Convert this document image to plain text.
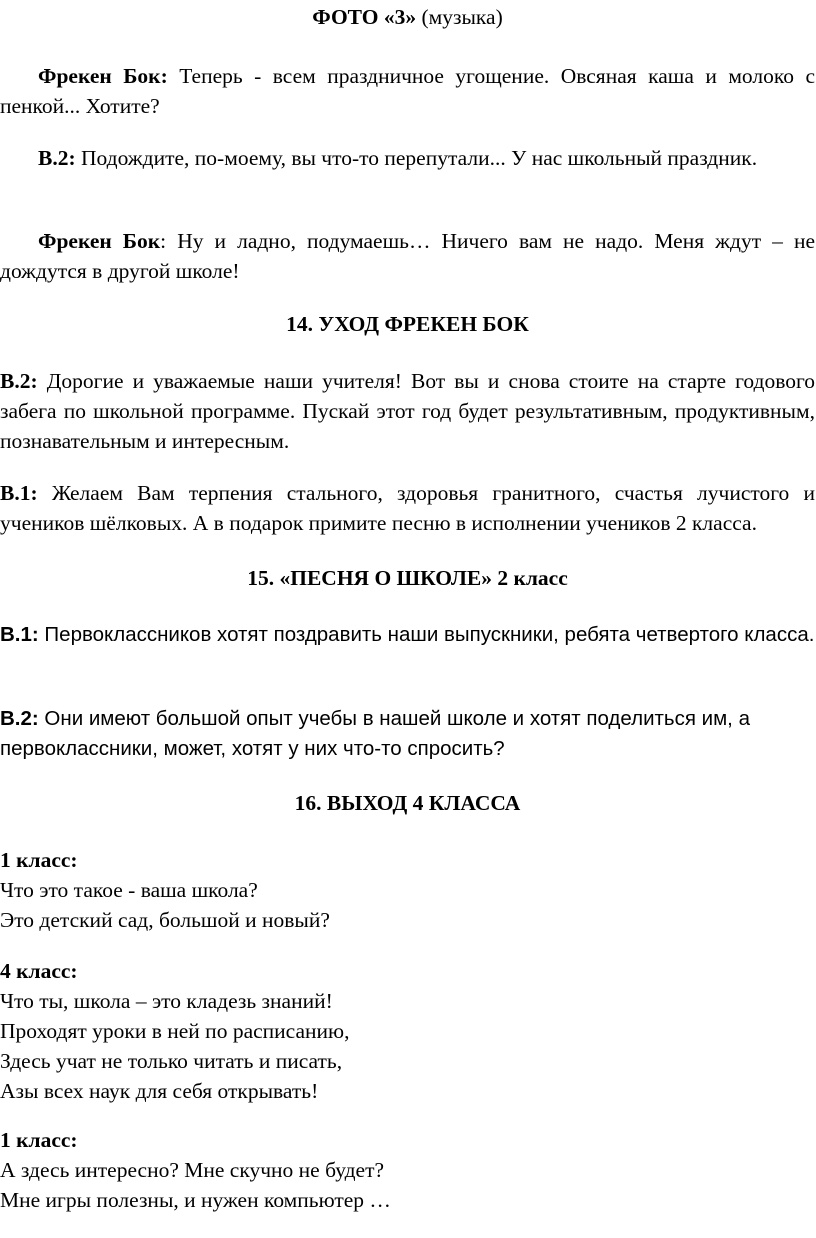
ФОТО «3» (музыка)
Фрекен Бок: Теперь - всем праздничное угощение. Овсяная каша и молоко с пенкой... Хотите?
В.2: Подождите, по-моему, вы что-то перепутали... У нас школьный праздник.
Фрекен Бок: Ну и ладно, подумаешь… Ничего вам не надо. Меня ждут – не дождутся в другой школе!
14. УХОД ФРЕКЕН БОК
В.2: Дорогие и уважаемые наши учителя! Вот вы и снова стоите на старте годового забега по школьной программе. Пускай этот год будет результативным, продуктивным, познавательным и интересным.
В.1: Желаем Вам терпения стального, здоровья гранитного, счастья лучистого и учеников шёлковых. А в подарок примите песню в исполнении учеников 2 класса.
15. «ПЕСНЯ О ШКОЛЕ» 2 класс
В.1: Первоклассников хотят поздравить наши выпускники, ребята четвертого класса.
В.2: Они имеют большой опыт учебы в нашей школе и хотят поделиться им, а первоклассники, может, хотят у них что-то спросить?
16. ВЫХОД 4 КЛАССА
1 класс:
Что это такое - ваша школа?
Это детский сад, большой и новый?
4 класс:
Что ты, школа – это кладезь знаний!
Проходят уроки в ней по расписанию,
Здесь учат не только читать и писать,
Азы всех наук для себя открывать!
1 класс:
А здесь интересно? Мне скучно не будет?
Мне игры полезны, и нужен компьютер …
